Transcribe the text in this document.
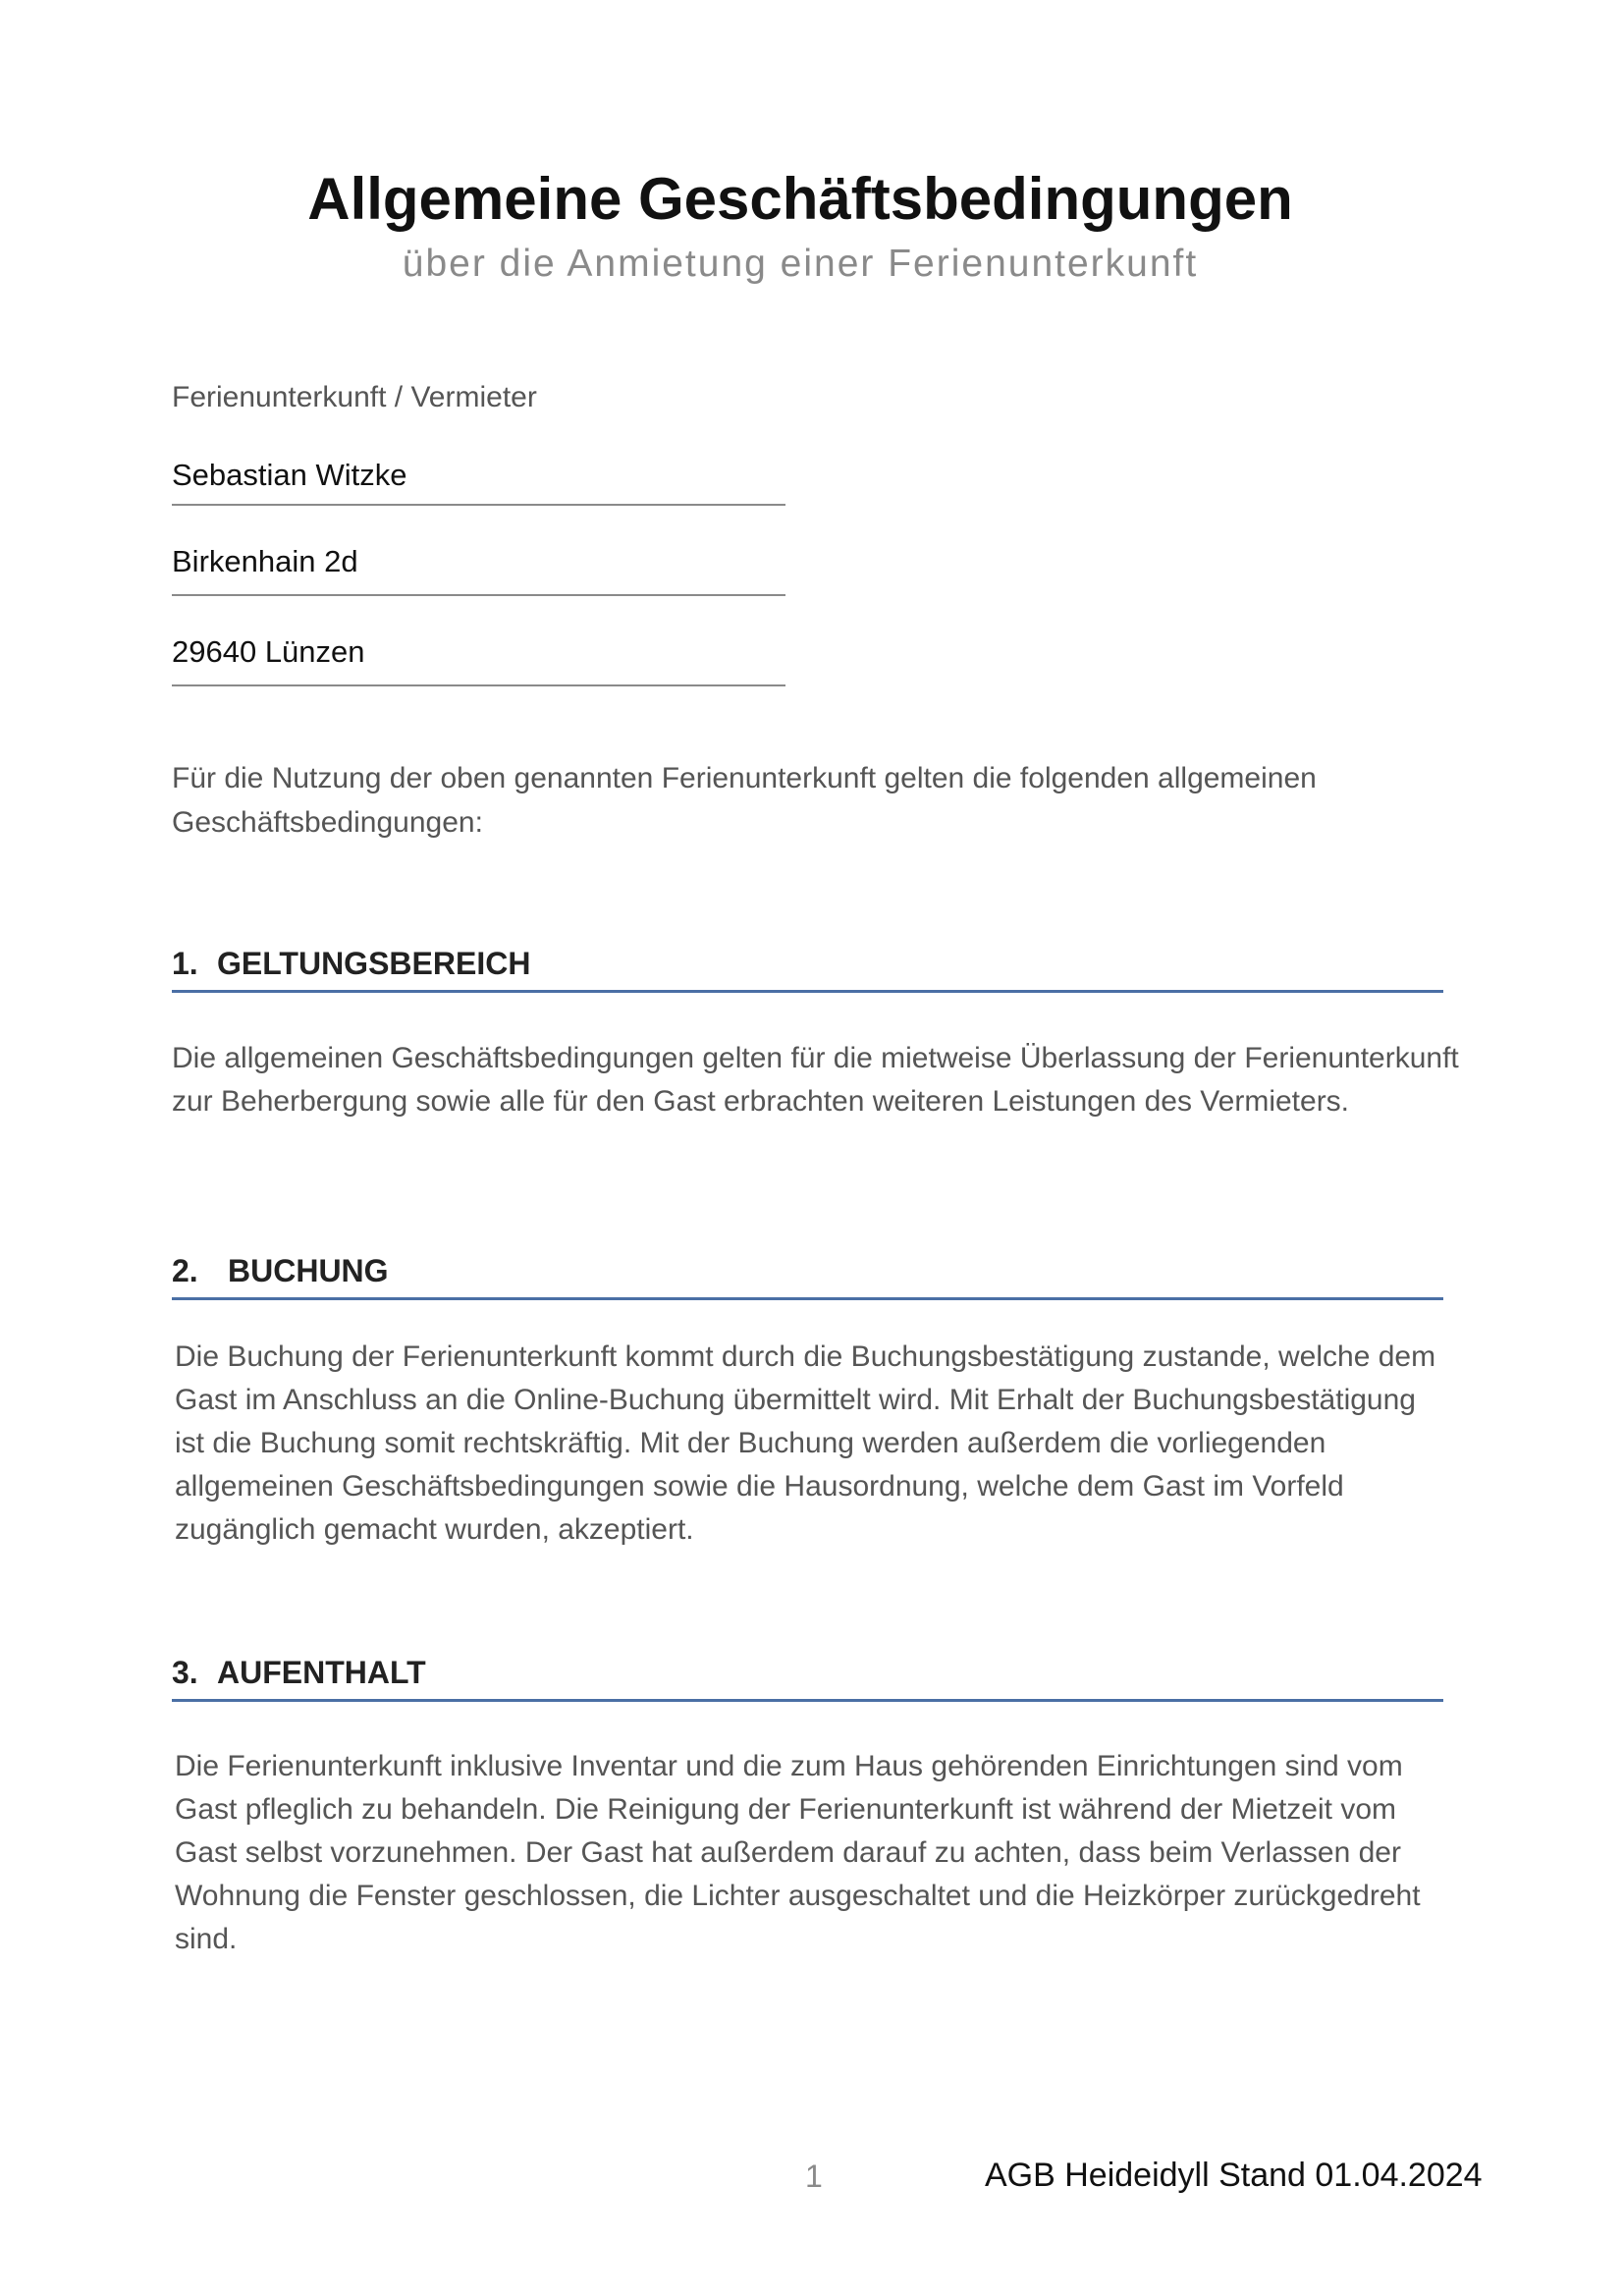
Allgemeine Geschäftsbedingungen
über die Anmietung einer Ferienunterkunft
Ferienunterkunft / Vermieter
Sebastian Witzke
Birkenhain 2d
29640 Lünzen
Für die Nutzung der oben genannten Ferienunterkunft gelten die folgenden allgemeinen Geschäftsbedingungen:
1. GELTUNGSBEREICH
Die allgemeinen Geschäftsbedingungen gelten für die mietweise Überlassung der Ferienunterkunft zur Beherbergung sowie alle für den Gast erbrachten weiteren Leistungen des Vermieters.
2. BUCHUNG
Die Buchung der Ferienunterkunft kommt durch die Buchungsbestätigung zustande, welche dem Gast im Anschluss an die Online-Buchung übermittelt wird. Mit Erhalt der Buchungsbestätigung ist die Buchung somit rechtskräftig. Mit der Buchung werden außerdem die vorliegenden allgemeinen Geschäftsbedingungen sowie die Hausordnung, welche dem Gast im Vorfeld zugänglich gemacht wurden, akzeptiert.
3. AUFENTHALT
Die Ferienunterkunft inklusive Inventar und die zum Haus gehörenden Einrichtungen sind vom Gast pfleglich zu behandeln. Die Reinigung der Ferienunterkunft ist während der Mietzeit vom Gast selbst vorzunehmen. Der Gast hat außerdem darauf zu achten, dass beim Verlassen der Wohnung die Fenster geschlossen, die Lichter ausgeschaltet und die Heizkörper zurückgedreht sind.
1	AGB Heideidyll Stand 01.04.2024
